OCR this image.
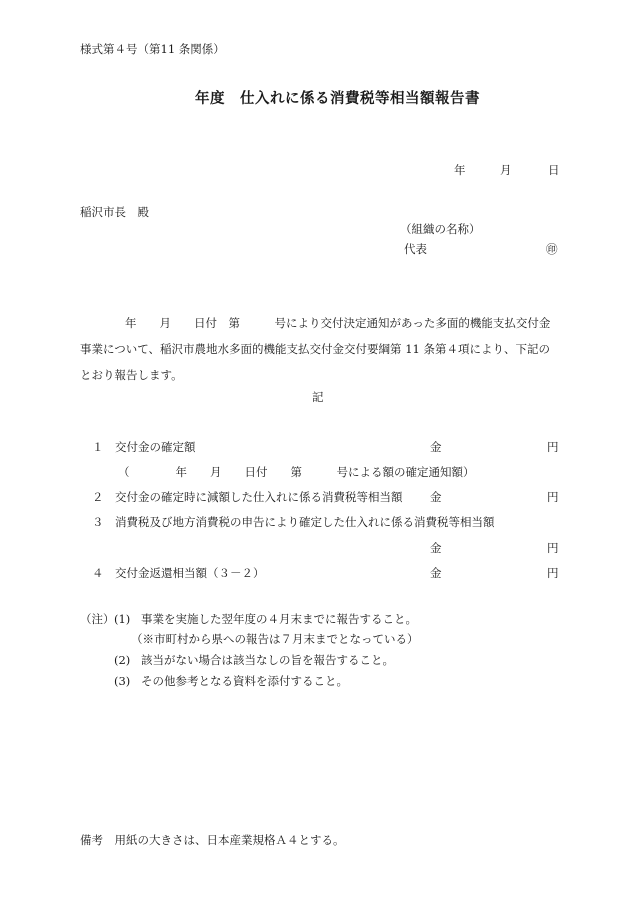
様式第４号（第11 条関係）
年度　仕入れに係る消費税等相当額報告書
年	月	日
稲沢市長　殿
（組織の名称）
代表	㊞
年　　月　　日付　第　　　号により交付決定通知があった多面的機能支払交付金
事業について、稲沢市農地水多面的機能支払交付金交付要綱第 11 条第４項により、下記の
とおり報告します。
記
１ 交付金の確定額	金	円
（　　　　年　　月　　日付　　第　　　号による額の確定通知額）
２ 交付金の確定時に減額した仕入れに係る消費税等相当額 金	円
３ 消費税及び地方消費税の申告により確定した仕入れに係る消費税等相当額
金	円
４ 交付金返還相当額（３－２）	金	円
（注） (1) 事業を実施した翌年度の４月末までに報告すること。
（※市町村から県への報告は７月末までとなっている）
(2) 該当がない場合は該当なしの旨を報告すること。
(3) その他参考となる資料を添付すること。
備考　用紙の大きさは、日本産業規格Ａ４とする。
